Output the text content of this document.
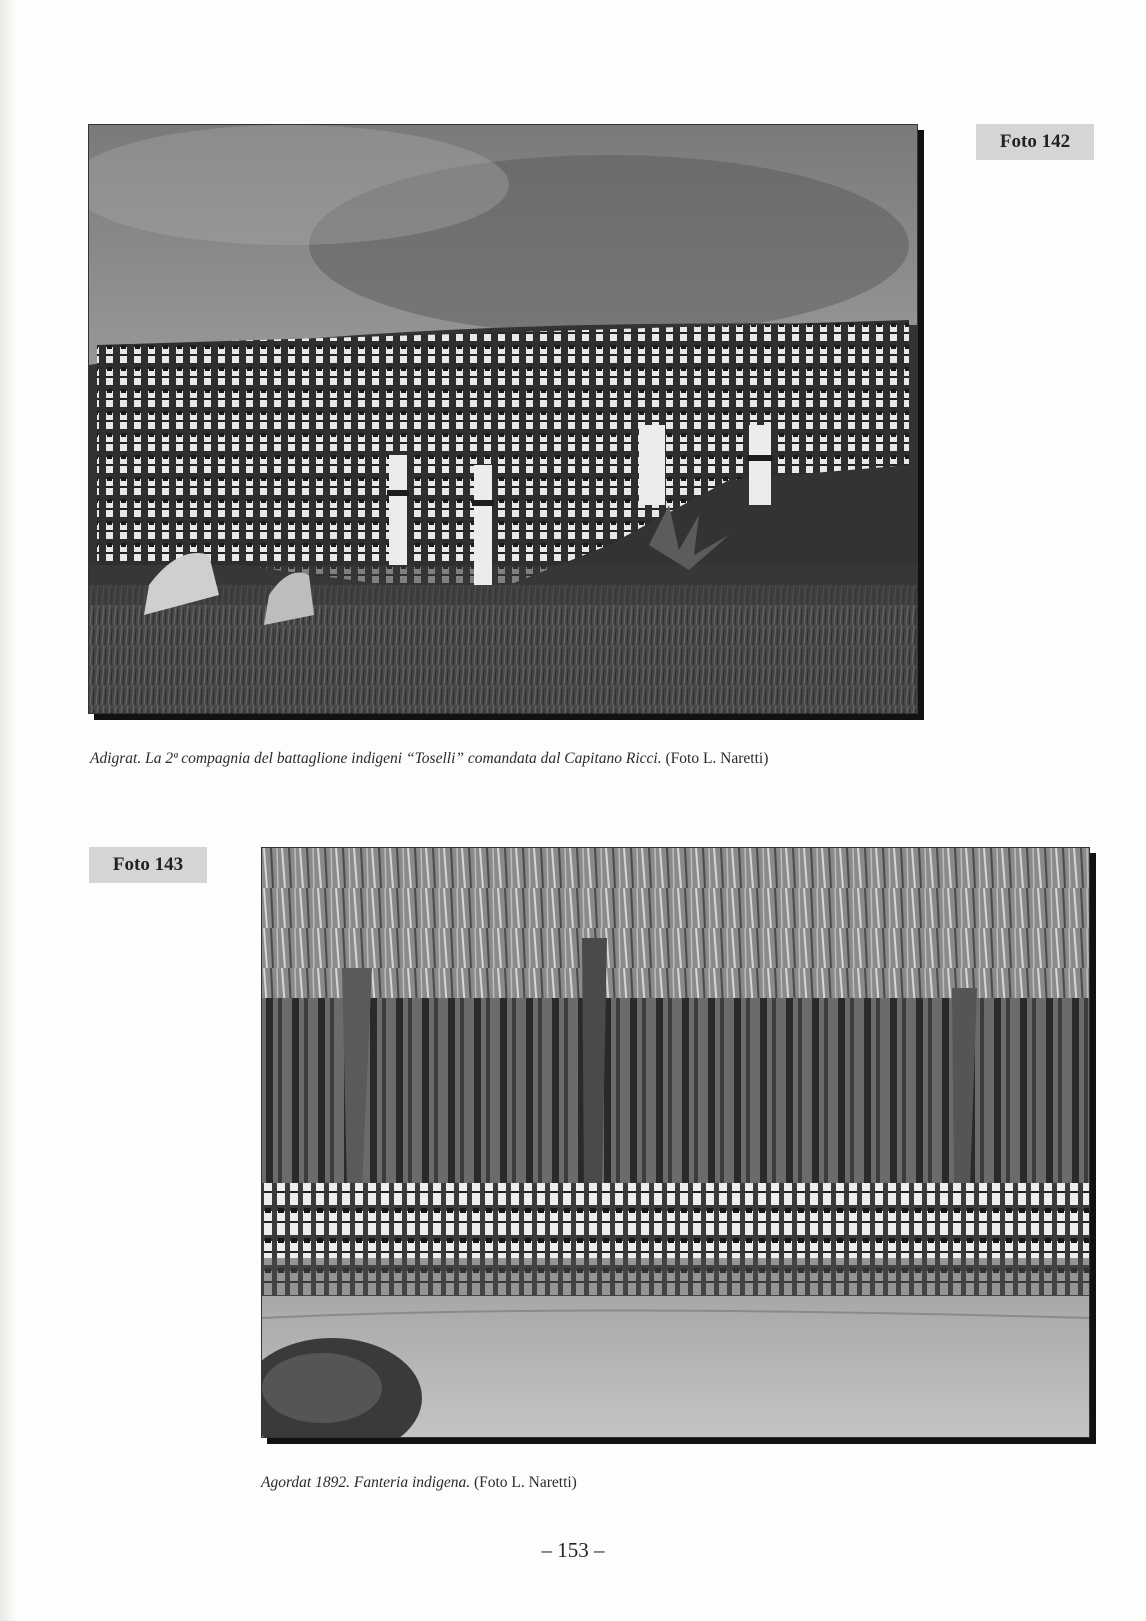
Foto 142
Adigrat. La 2ª compagnia del battaglione indigeni “Toselli” comandata dal Capitano Ricci. (Foto L. Naretti)
Foto 143
Agordat 1892. Fanteria indigena. (Foto L. Naretti)
– 153 –
